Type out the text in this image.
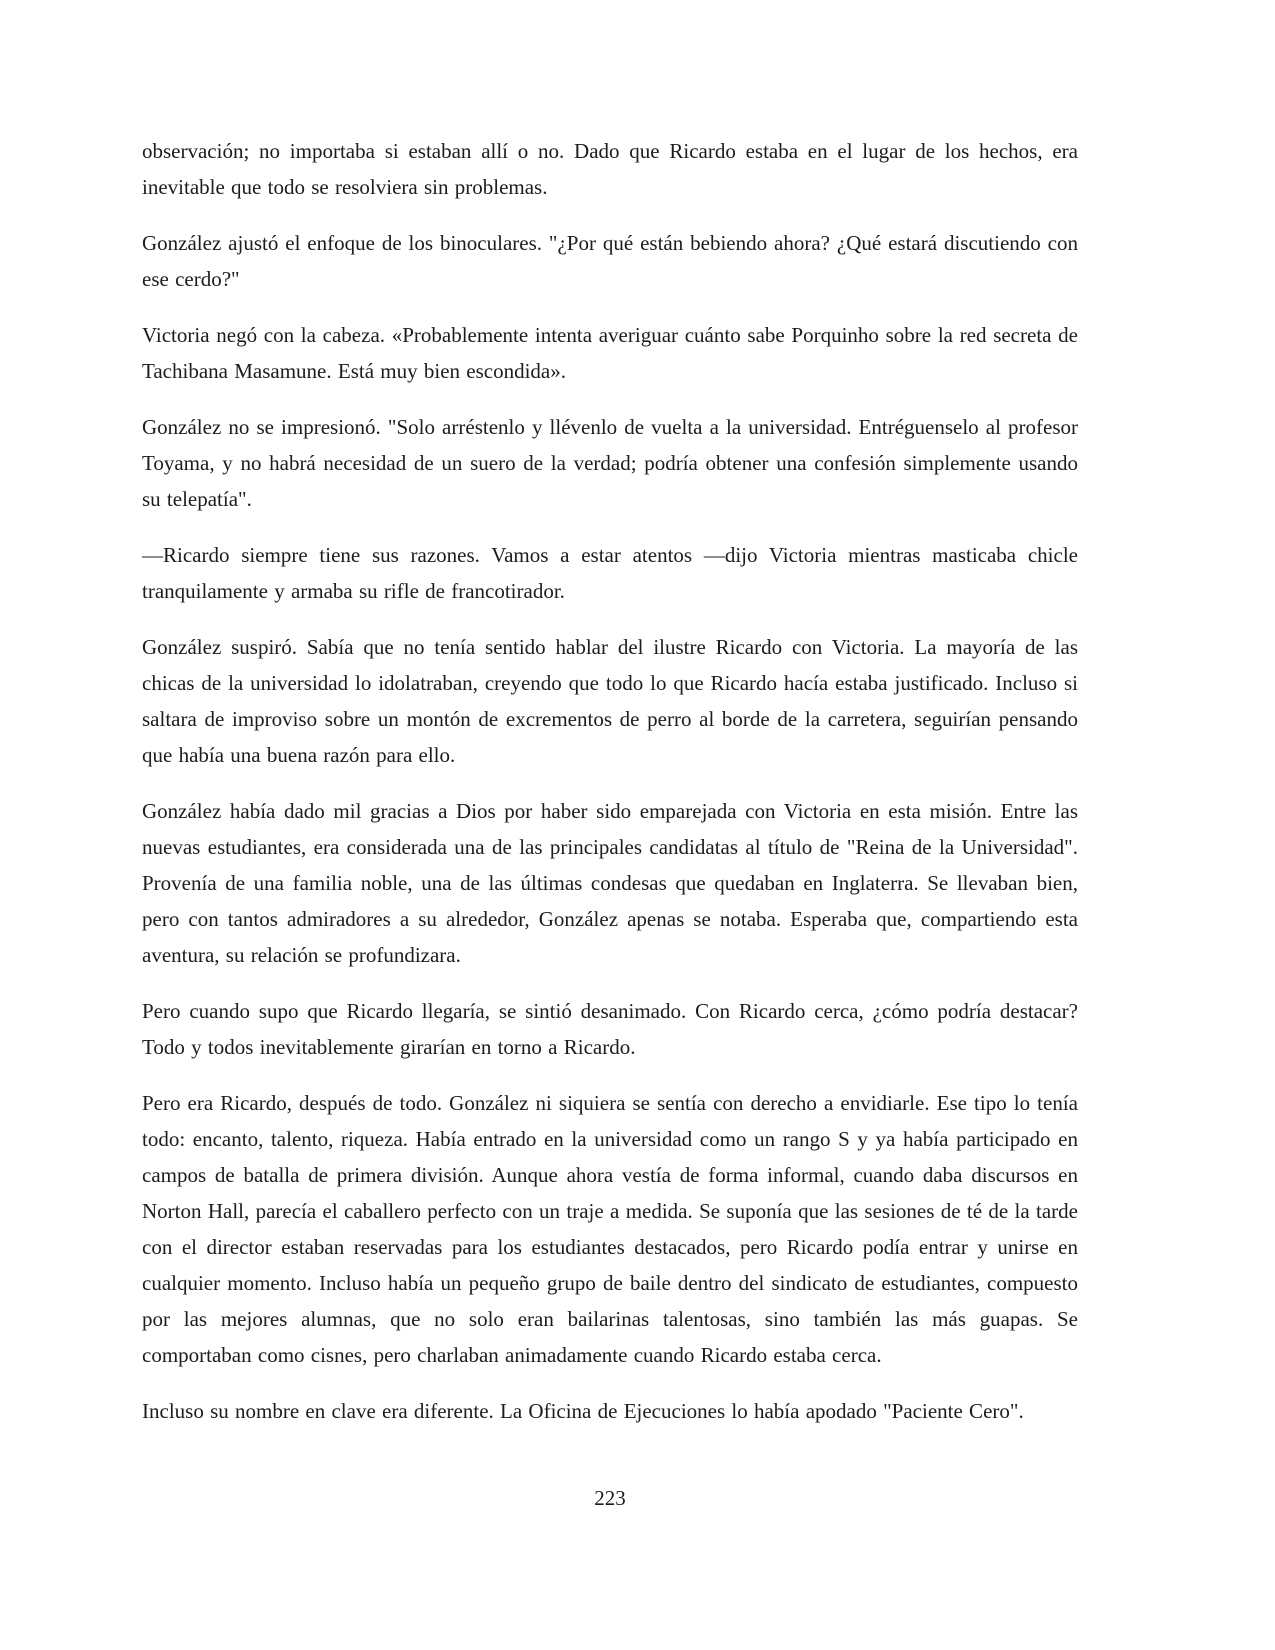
observación; no importaba si estaban allí o no. Dado que Ricardo estaba en el lugar de los hechos, era inevitable que todo se resolviera sin problemas.

González ajustó el enfoque de los binoculares. "¿Por qué están bebiendo ahora? ¿Qué estará discutiendo con ese cerdo?"

Victoria negó con la cabeza. «Probablemente intenta averiguar cuánto sabe Porquinho sobre la red secreta de Tachibana Masamune. Está muy bien escondida».

González no se impresionó. "Solo arréstenlo y llévenlo de vuelta a la universidad. Entréguenselo al profesor Toyama, y no habrá necesidad de un suero de la verdad; podría obtener una confesión simplemente usando su telepatía".

—Ricardo siempre tiene sus razones. Vamos a estar atentos —dijo Victoria mientras masticaba chicle tranquilamente y armaba su rifle de francotirador.

González suspiró. Sabía que no tenía sentido hablar del ilustre Ricardo con Victoria. La mayoría de las chicas de la universidad lo idolatraban, creyendo que todo lo que Ricardo hacía estaba justificado. Incluso si saltara de improviso sobre un montón de excrementos de perro al borde de la carretera, seguirían pensando que había una buena razón para ello.

González había dado mil gracias a Dios por haber sido emparejada con Victoria en esta misión. Entre las nuevas estudiantes, era considerada una de las principales candidatas al título de "Reina de la Universidad". Provenía de una familia noble, una de las últimas condesas que quedaban en Inglaterra. Se llevaban bien, pero con tantos admiradores a su alrededor, González apenas se notaba. Esperaba que, compartiendo esta aventura, su relación se profundizara.

Pero cuando supo que Ricardo llegaría, se sintió desanimado. Con Ricardo cerca, ¿cómo podría destacar? Todo y todos inevitablemente girarían en torno a Ricardo.

Pero era Ricardo, después de todo. González ni siquiera se sentía con derecho a envidiarle. Ese tipo lo tenía todo: encanto, talento, riqueza. Había entrado en la universidad como un rango S y ya había participado en campos de batalla de primera división. Aunque ahora vestía de forma informal, cuando daba discursos en Norton Hall, parecía el caballero perfecto con un traje a medida. Se suponía que las sesiones de té de la tarde con el director estaban reservadas para los estudiantes destacados, pero Ricardo podía entrar y unirse en cualquier momento. Incluso había un pequeño grupo de baile dentro del sindicato de estudiantes, compuesto por las mejores alumnas, que no solo eran bailarinas talentosas, sino también las más guapas. Se comportaban como cisnes, pero charlaban animadamente cuando Ricardo estaba cerca.

Incluso su nombre en clave era diferente. La Oficina de Ejecuciones lo había apodado "Paciente Cero".

223
